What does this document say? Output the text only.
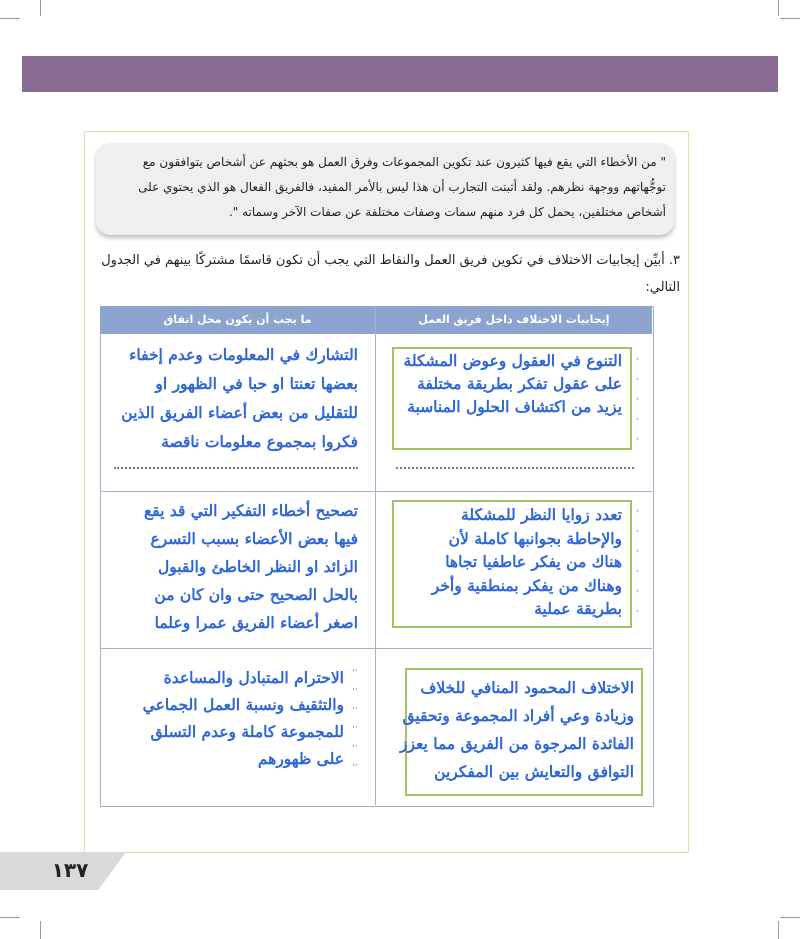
" من الأخطاء التي يقع فيها كثيرون عند تكوين المجموعات وفرق العمل هو بحثهم عن أشخاص يتوافقون مع
توجُّهاتهم ووجهة نظرهم. ولقد أثبتت التجارب أن هذا ليس بالأمر المفيد، فالفريق الفعال هو الذي يحتوي على
أشخاص مختلفين، يحمل كل فرد منهم سمات وصفات مختلفة عن صفات الآخر وسماته ".
٣. أبيِّن إيجابيات الاختلاف في تكوين فريق العمل والنقاط التي يجب أن تكون قاسمًا مشتركًا بينهم في الجدول
التالي:
إيجابيات الاختلاف داخل فريق العمل
ما يجب أن يكون محل اتفاق
·
·
·
·
·
التنوع في العقول وعوض المشكلة
على عقول تفكر بطريقة مختلفة
يزيد من اكتشاف الحلول المناسبة
التشارك في المعلومات وعدم إخفاء
بعضها تعنتا او حبا في الظهور او
للتقليل من بعض أعضاء الفريق الذين
فكروا بمجموع معلومات ناقصة
·
·
·
·
·
·
تعدد زوايا النظر للمشكلة
والإحاطة بجوانبها كاملة لأن
هناك من يفكر عاطفيا تجاها
وهناك من يفكر بمنطقية وأخر
بطريقة عملية
تصحيح أخطاء التفكير التي قد يقع
فيها بعض الأعضاء بسبب التسرع
الزائد او النظر الخاطئ والقبول
بالحل الصحيح حتى وان كان من
اصغر أعضاء الفريق عمرا وعلما
الاختلاف المحمود المنافي للخلاف
وزيادة وعي أفراد المجموعة وتحقيق
الفائدة المرجوة من الفريق مما يعزز
التوافق والتعايش بين المفكرين
··
··
··
··
··
··
الاحترام المتبادل والمساعدة
والتثقيف ونسبة العمل الجماعي
للمجموعة كاملة وعدم التسلق
على ظهورهم
١٣٧
